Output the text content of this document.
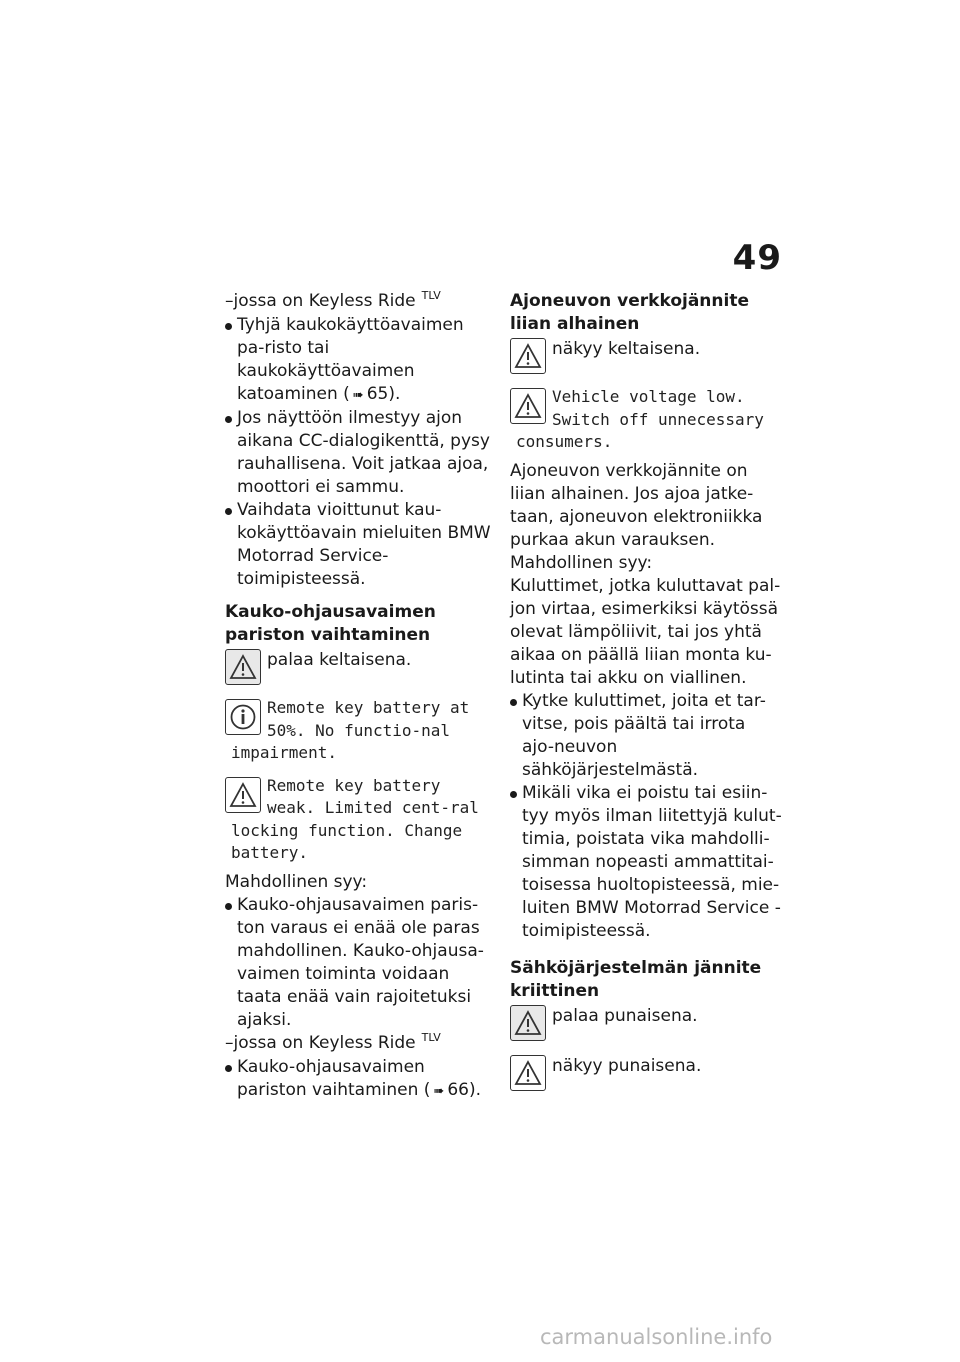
49

–jossa on Keyless Ride $^{TLV}$

Tyhjä kaukokäyttöavaimen pa-risto tai kaukokäyttöavaimen katoaminen ( ➠ 65).
Jos näyttöön ilmestyy ajon aikana CC-dialogikenttä, pysy rauhallisena. Voit jatkaa ajoa, moottori ei sammu.
Vaihdata vioittunut kau-kokäyttöavain mieluiten BMW Motorrad Service-toimipisteessä.

Kauko-ohjausavaimen pariston vaihtaminen

palaa keltaisena.

Remote key battery at 50%. No functio-nal impairment.

Remote key battery weak. Limited cent-ral locking function. Change battery.

Mahdollinen syy:

Kauko-ohjausavaimen paris-ton varaus ei enää ole paras mahdollinen. Kauko-ohjausa-vaimen toiminta voidaan taata enää vain rajoitetuksi ajaksi.

–jossa on Keyless Ride $^{TLV}$

Kauko-ohjausavaimen pariston vaihtaminen ( ➠ 66).

Ajoneuvon verkkojännite liian alhainen

näkyy keltaisena.

Vehicle voltage low. Switch off unnecessary consumers.

Ajoneuvon verkkojännite on liian alhainen. Jos ajoa jatke-taan, ajoneuvon elektroniikka purkaa akun varauksen.

Mahdollinen syy:

Kuluttimet, jotka kuluttavat pal-jon virtaa, esimerkiksi käytössä olevat lämpöliivit, tai jos yhtä aikaa on päällä liian monta ku-lutinta tai akku on viallinen.

Kytke kuluttimet, joita et tar-vitse, pois päältä tai irrota ajo-neuvon sähköjärjestelmästä.
Mikäli vika ei poistu tai esiin-tyy myös ilman liitettyjä kulut-timia, poistata vika mahdolli-simman nopeasti ammattitai-toisessa huoltopisteessä, mie-luiten BMW Motorrad Service -toimipisteessä.

Sähköjärjestelmän jännite kriittinen

palaa punaisena.

näkyy punaisena.

carmanualsonline.info
